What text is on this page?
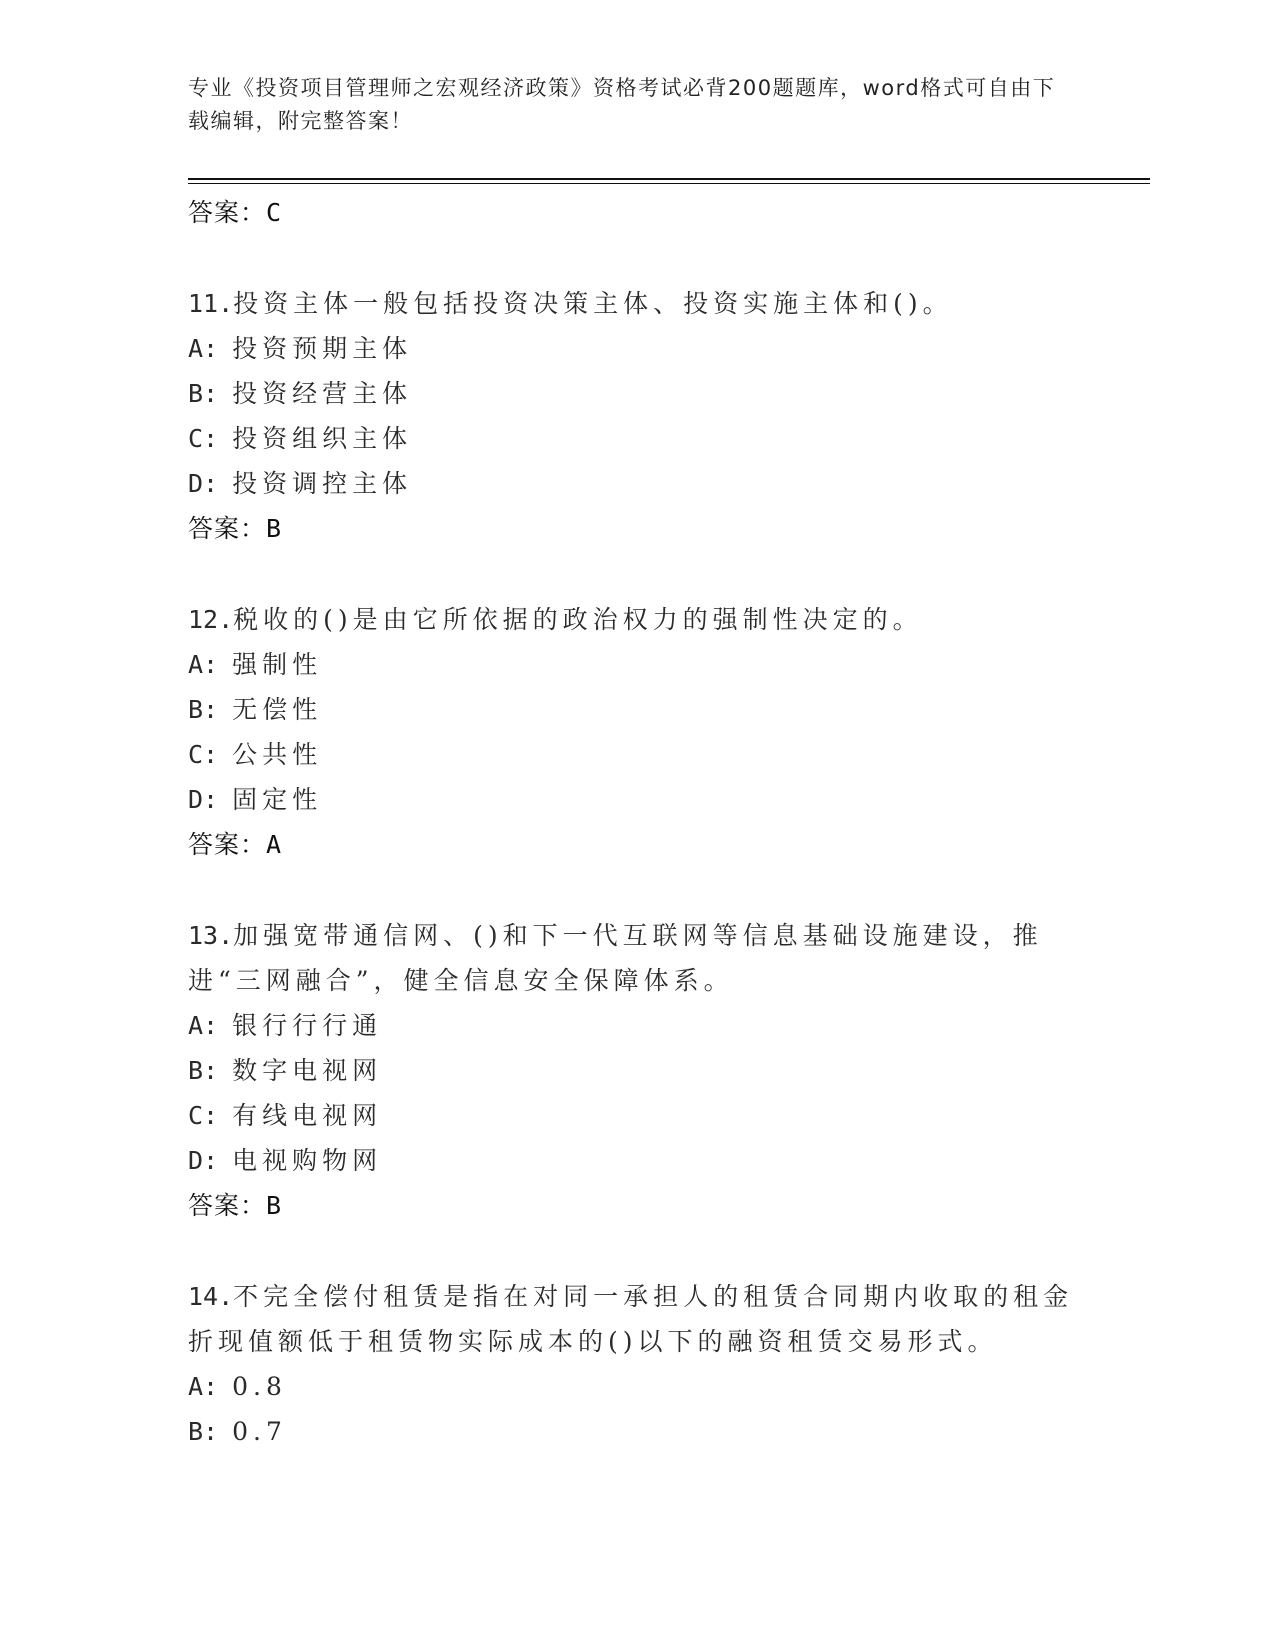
专业《投资项目管理师之宏观经济政策》资格考试必背200题题库，word格式可自由下载编辑，附完整答案！
答案：C
11.投资主体一般包括投资决策主体、投资实施主体和()。
A: 投资预期主体
B: 投资经营主体
C: 投资组织主体
D: 投资调控主体
答案：B
12.税收的()是由它所依据的政治权力的强制性决定的。
A: 强制性
B: 无偿性
C: 公共性
D: 固定性
答案：A
13.加强宽带通信网、()和下一代互联网等信息基础设施建设，推进“三网融合”，健全信息安全保障体系。
A: 银行行行通
B: 数字电视网
C: 有线电视网
D: 电视购物网
答案：B
14.不完全偿付租赁是指在对同一承担人的租赁合同期内收取的租金折现值额低于租赁物实际成本的()以下的融资租赁交易形式。
A: 0.8
B: 0.7
